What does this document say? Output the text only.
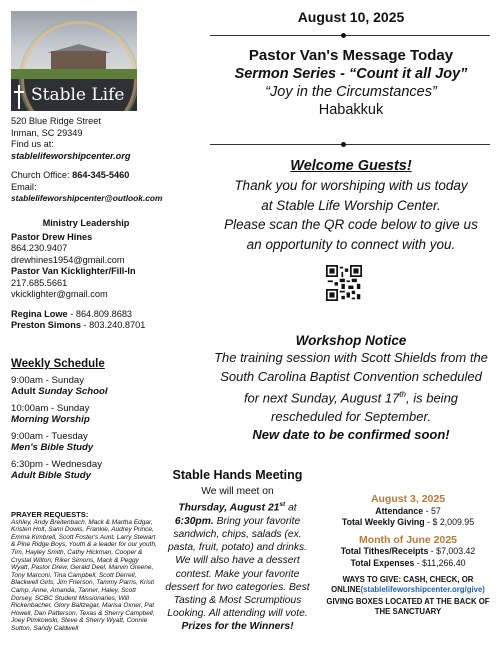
Stable Life
520 Blue Ridge Street
Inman, SC 29349
Find us at:
stablelifeworshipcenter.org
Church Office: 864-345-5460
Email:
stablelifeworshipcenter@outlook.com
Ministry Leadership
Pastor Drew Hines
864.230.9407
drewhines1954@gmail.com
Pastor Van Kicklighter/Fill-In
217.685.5661
vkicklighter@gmail.com
Regina Lowe - 864.809.8683
Preston Simons - 803.240.8701
Weekly Schedule
9:00am - Sunday
Adult Sunday School
10:00am - Sunday
Morning Worship
9:00am - Tuesday
Men's Bible Study
6:30pm - Wednesday
Adult Bible Study
PRAYER REQUESTS:
Ashley, Andy Breitenbach, Mack & Martha Edgar, Kristen Holt, Sami Dowis, Frankie, Audrey Prince, Emma Kimbrell, Scott Foster's Aunt, Larry Stewart & Pine Ridge Boys, Youth & a leader for our youth, Tim, Hayley Smith, Cathy Hickman, Cooper & Crystal Wilton, Riker Simons, Mack & Peggy Wyatt, Pastor Drew, Gerald Deel, Marvin Greene, Tony Marconi, Tina Campbell, Scott Derrell, Blackwell Girls, Jim Frierson, Tammy Parris, Kristi Camp, Anne, Amanda, Tanner, Haley, Scott Dorsey, SCBC Student Missionaries, Will Rickenbacher, Glory Baltzegar, Marisa Oxner, Pat Howell, Dan Patterson, Texas & Sherry Campbell, Joey Pimkowski, Steve & Sherry Wyatt, Connie Sutton, Sandy Caldwell
August 10, 2025
Pastor Van's Message Today
Sermon Series - “Count it all Joy”
“Joy in the Circumstances”
Habakkuk
Welcome Guests!
Thank you for worshiping with us today
at Stable Life Worship Center.
Please scan the QR code below to give us
an opportunity to connect with you.
Workshop Notice
The training session with Scott Shields from the
South Carolina Baptist Convention scheduled
for next Sunday, August 17th, is being
rescheduled for September.
New date to be confirmed soon!
Stable Hands Meeting
We will meet on
Thursday, August 21st at
6:30pm. Bring your favorite
sandwich, chips, salads (ex.
pasta, fruit, potato) and drinks.
We will also have a dessert
contest. Make your favorite
dessert for two categories. Best
Tasting & Most Scrumptious
Looking. All attending will vote.
Prizes for the Winners!
August 3, 2025
Attendance - 57
Total Weekly Giving - $ 2,009.95
Month of June 2025
Total Tithes/Receipts - $7,003.42
Total Expenses - $11,266.40
WAYS TO GIVE: CASH, CHECK, OR ONLINE(stablelifeworshipcenter.org/give)
GIVING BOXES LOCATED AT THE BACK OF THE SANCTUARY
